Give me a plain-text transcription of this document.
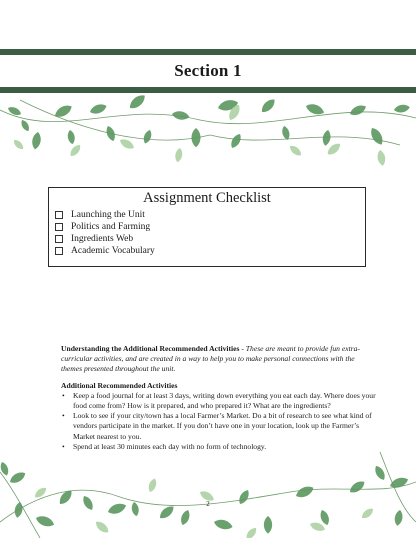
Section 1
Assignment Checklist
Launching the Unit
Politics and Farming
Ingredients Web
Academic Vocabulary

Understanding the Additional Recommended Activities - These are meant to provide fun extra-curricular activities, and are created in a way to help you to make personal connections with the themes presented throughout the unit.

Additional Recommended Activities
• Keep a food journal for at least 3 days, writing down everything you eat each day. Where does your food come from? How is it prepared, and who prepared it? What are the ingredients?
• Look to see if your city/town has a local Farmer’s Market. Do a bit of research to see what kind of vendors participate in the market. If you don’t have one in your location, look up the Farmer’s Market nearest to you.
• Spend at least 30 minutes each day with no form of technology.
2
